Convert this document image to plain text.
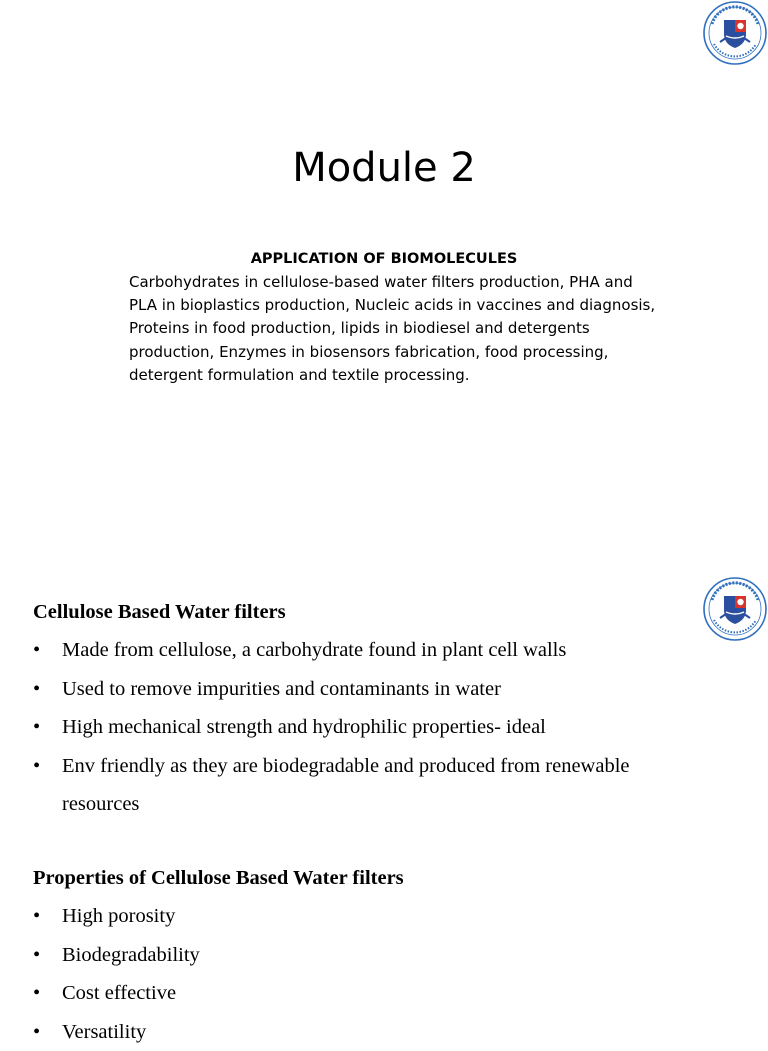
Module 2
APPLICATION OF BIOMOLECULES
Carbohydrates in cellulose-based water filters production, PHA and
PLA in bioplastics production, Nucleic acids in vaccines and diagnosis,
Proteins in food production, lipids in biodiesel and detergents
production, Enzymes in biosensors fabrication, food processing,
detergent formulation and textile processing.
Cellulose Based Water filters
• Made from cellulose, a carbohydrate found in plant cell walls
• Used to remove impurities and contaminants in water
• High mechanical strength and hydrophilic properties- ideal
• Env friendly as they are biodegradable and produced from renewable resources
Properties of Cellulose Based Water filters
• High porosity
• Biodegradability
• Cost effective
• Versatility
